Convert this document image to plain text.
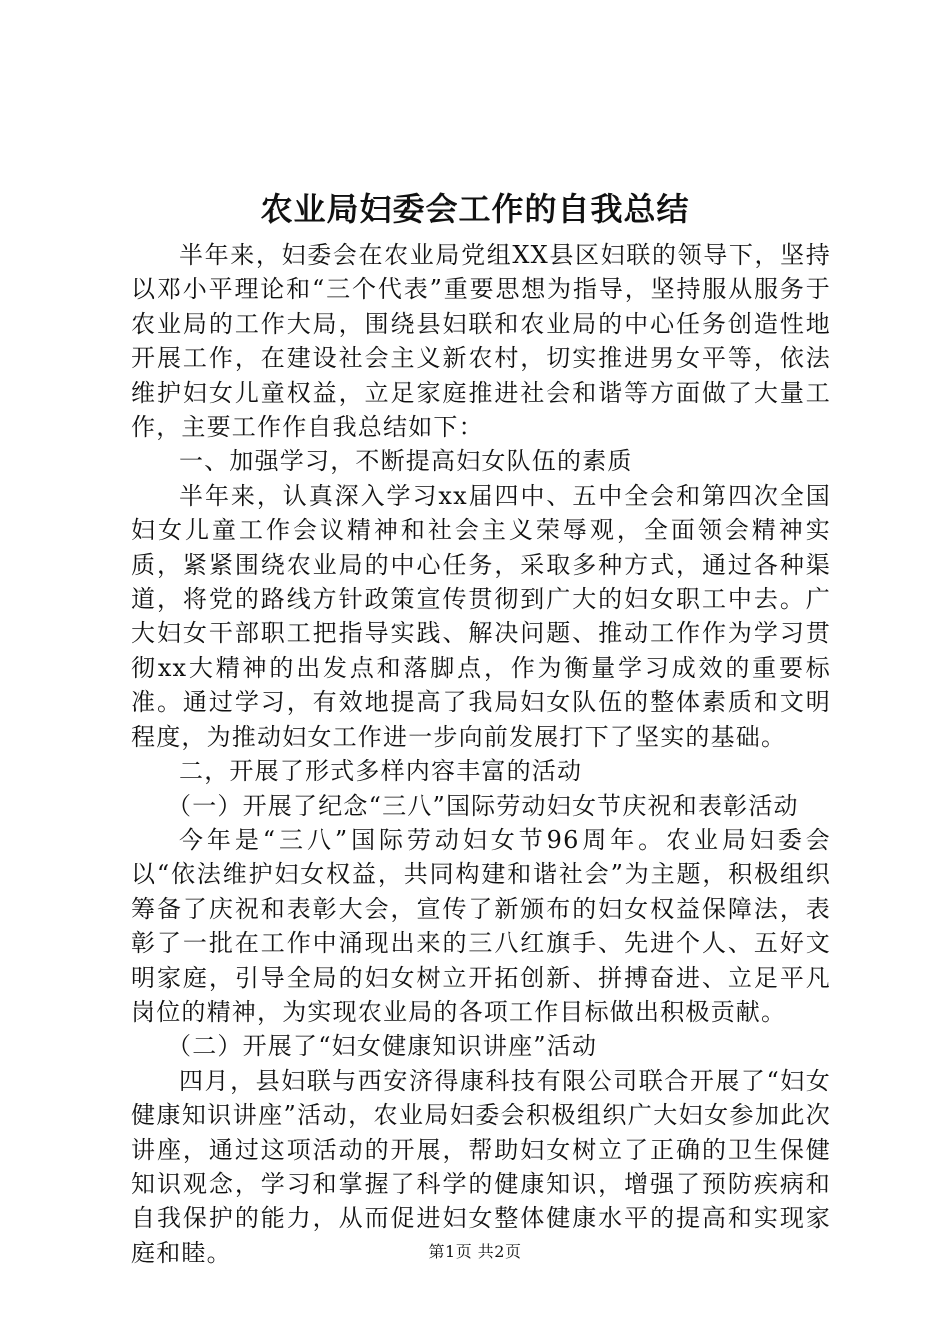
农业局妇委会工作的自我总结

半年来，妇委会在农业局党组XX县区妇联的领导下，坚持以邓小平理论和“三个代表”重要思想为指导，坚持服从服务于农业局的工作大局，围绕县妇联和农业局的中心任务创造性地开展工作，在建设社会主义新农村，切实推进男女平等，依法维护妇女儿童权益，立足家庭推进社会和谐等方面做了大量工作，主要工作作自我总结如下：

一、加强学习，不断提高妇女队伍的素质

半年来，认真深入学习xx届四中、五中全会和第四次全国妇女儿童工作会议精神和社会主义荣辱观，全面领会精神实质，紧紧围绕农业局的中心任务，采取多种方式，通过各种渠道，将党的路线方针政策宣传贯彻到广大的妇女职工中去。广大妇女干部职工把指导实践、解决问题、推动工作作为学习贯彻xx大精神的出发点和落脚点，作为衡量学习成效的重要标准。通过学习，有效地提高了我局妇女队伍的整体素质和文明程度，为推动妇女工作进一步向前发展打下了坚实的基础。

二，开展了形式多样内容丰富的活动

（一）开展了纪念“三八”国际劳动妇女节庆祝和表彰活动

今年是“三八”国际劳动妇女节96周年。农业局妇委会以“依法维护妇女权益，共同构建和谐社会”为主题，积极组织筹备了庆祝和表彰大会，宣传了新颁布的妇女权益保障法，表彰了一批在工作中涌现出来的三八红旗手、先进个人、五好文明家庭，引导全局的妇女树立开拓创新、拼搏奋进、立足平凡岗位的精神，为实现农业局的各项工作目标做出积极贡献。

（二）开展了“妇女健康知识讲座”活动

四月，县妇联与西安济得康科技有限公司联合开展了“妇女健康知识讲座”活动，农业局妇委会积极组织广大妇女参加此次讲座，通过这项活动的开展，帮助妇女树立了正确的卫生保健知识观念，学习和掌握了科学的健康知识，增强了预防疾病和自我保护的能力，从而促进妇女整体健康水平的提高和实现家庭和睦。	第1页 共2页
